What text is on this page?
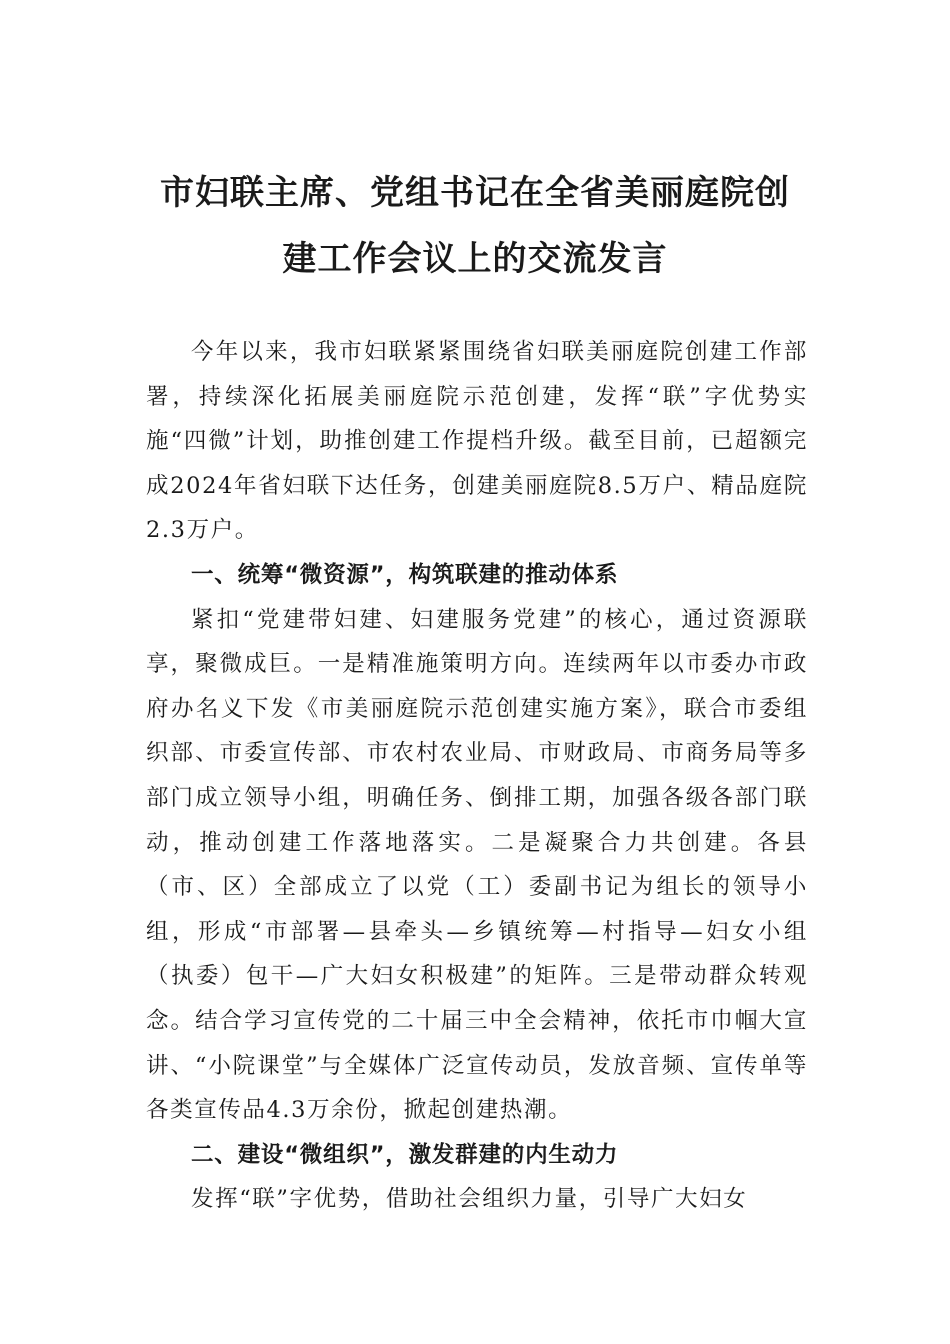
市妇联主席、党组书记在全省美丽庭院创
建工作会议上的交流发言

今年以来，我市妇联紧紧围绕省妇联美丽庭院创建工作部署，持续深化拓展美丽庭院示范创建，发挥“联”字优势实施“四微”计划，助推创建工作提档升级。截至目前，已超额完成2024年省妇联下达任务，创建美丽庭院8.5万户、精品庭院2.3万户。

一、统筹“微资源”，构筑联建的推动体系

紧扣“党建带妇建、妇建服务党建”的核心，通过资源联享，聚微成巨。一是精准施策明方向。连续两年以市委办市政府办名义下发《市美丽庭院示范创建实施方案》，联合市委组织部、市委宣传部、市农村农业局、市财政局、市商务局等多部门成立领导小组，明确任务、倒排工期，加强各级各部门联动，推动创建工作落地落实。二是凝聚合力共创建。各县（市、区）全部成立了以党（工）委副书记为组长的领导小组，形成“市部署—县牵头—乡镇统筹—村指导—妇女小组（执委）包干—广大妇女积极建”的矩阵。三是带动群众转观念。结合学习宣传党的二十届三中全会精神，依托市巾帼大宣讲、“小院课堂”与全媒体广泛宣传动员，发放音频、宣传单等各类宣传品4.3万余份，掀起创建热潮。

二、建设“微组织”，激发群建的内生动力

发挥“联”字优势，借助社会组织力量，引导广大妇女
